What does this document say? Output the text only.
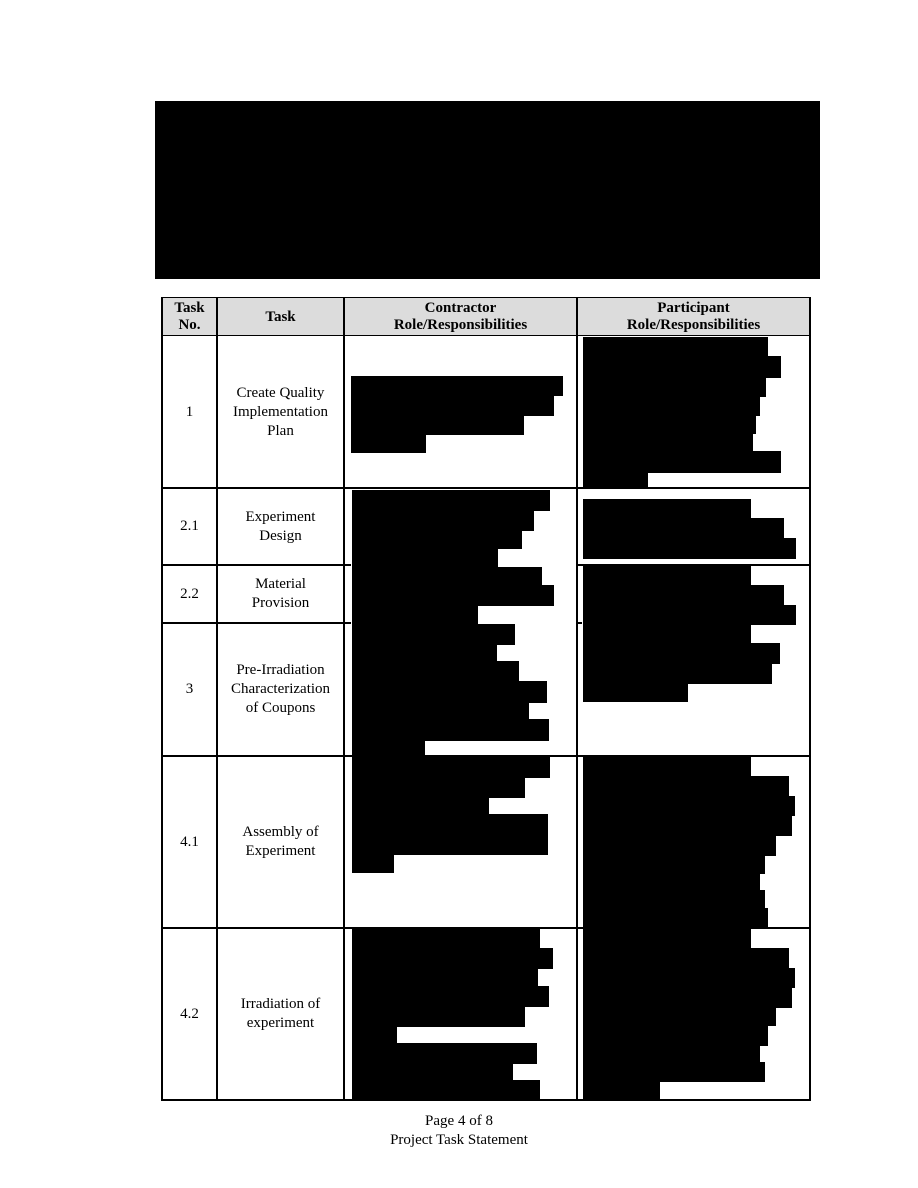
Task
No.
Task
Contractor
Role/Responsibilities
Participant
Role/Responsibilities
1
Create Quality
Implementation
Plan
2.1
Experiment
Design
2.2
Material
Provision
3
Pre-Irradiation
Characterization
of Coupons
4.1
Assembly of
Experiment
4.2
Irradiation of
experiment
Page 4 of 8
Project Task Statement
